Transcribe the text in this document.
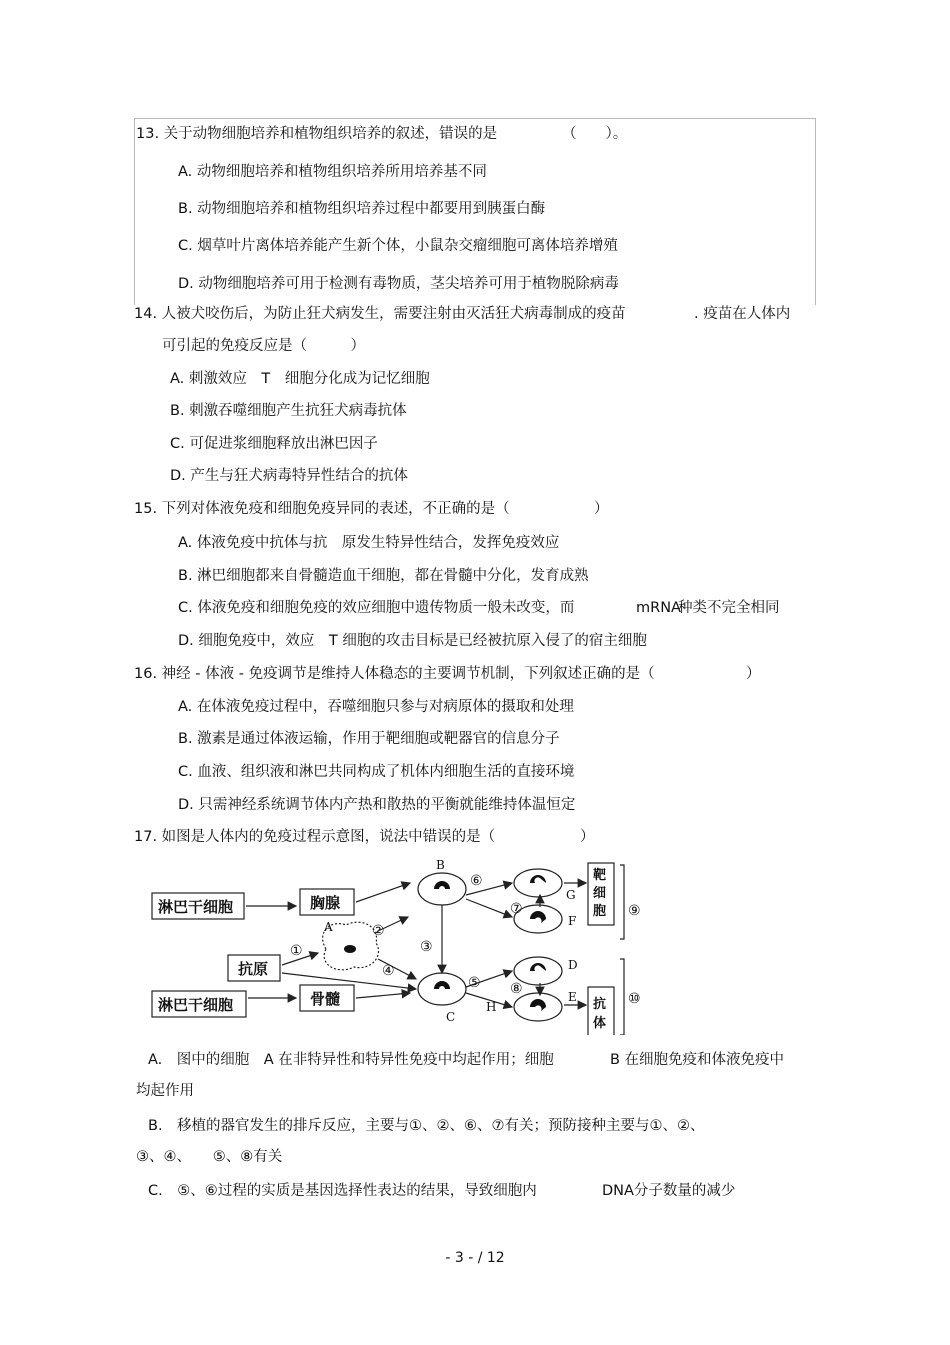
13. 关于动物细胞培养和植物组织培养的叙述，错误的是	（　　）。
A. 动物细胞培养和植物组织培养所用培养基不同
B. 动物细胞培养和植物组织培养过程中都要用到胰蛋白酶
C. 烟草叶片离体培养能产生新个体，小鼠杂交瘤细胞可离体培养增殖
D. 动物细胞培养可用于检测有毒物质，茎尖培养可用于植物脱除病毒
14. 人被犬咬伤后，为防止狂犬病发生，需要注射由灭活狂犬病毒制成的疫苗	. 疫苗在人体内
可引起的免疫反应是（　　　）
A. 刺激效应　T　细胞分化成为记忆细胞
B. 刺激吞噬细胞产生抗狂犬病毒抗体
C. 可促进浆细胞释放出淋巴因子
D. 产生与狂犬病毒特异性结合的抗体
15. 下列对体液免疫和细胞免疫异同的表述，不正确的是（	）
A. 体液免疫中抗体与抗　原发生特异性结合，发挥免疫效应
B. 淋巴细胞都来自骨髓造血干细胞，都在骨髓中分化，发育成熟
C. 体液免疫和细胞免疫的效应细胞中遗传物质一般未改变，而	mRNA
种类不完全相同
D. 细胞免疫中，效应　T 细胞的攻击目标是已经被抗原入侵了的宿主细胞
16. 神经 - 体液 - 免疫调节是维持人体稳态的主要调节机制，下列叙述正确的是（	）
A. 在体液免疫过程中，吞噬细胞只参与对病原体的摄取和处理
B. 激素是通过体液运输，作用于靶细胞或靶器官的信息分子
C. 血液、组织液和淋巴共同构成了机体内细胞生活的直接环境
D. 只需神经系统调节体内产热和散热的平衡就能维持体温恒定
17. 如图是人体内的免疫过程示意图，说法中错误的是（	）
淋巴干细胞	胸腺
抗原
淋巴干细胞	骨髓
靶
细
胞
抗
体
A
B
C
D
E
F
G
H
①
②
③
④
⑤
⑥
⑦
⑧
⑨
⑩
A.　图中的细胞　A 在非特异性和特异性免疫中均起作用；细胞	B 在细胞免疫和体液免疫中
均起作用
B.　移植的器官发生的排斥反应，主要与①、②、⑥、⑦有关；预防接种主要与①、②、
③、④、　　⑤、⑧有关
C.　⑤、⑥过程的实质是基因选择性表达的结果，导致细胞内	DNA分子数量的减少
- 3 - / 12
